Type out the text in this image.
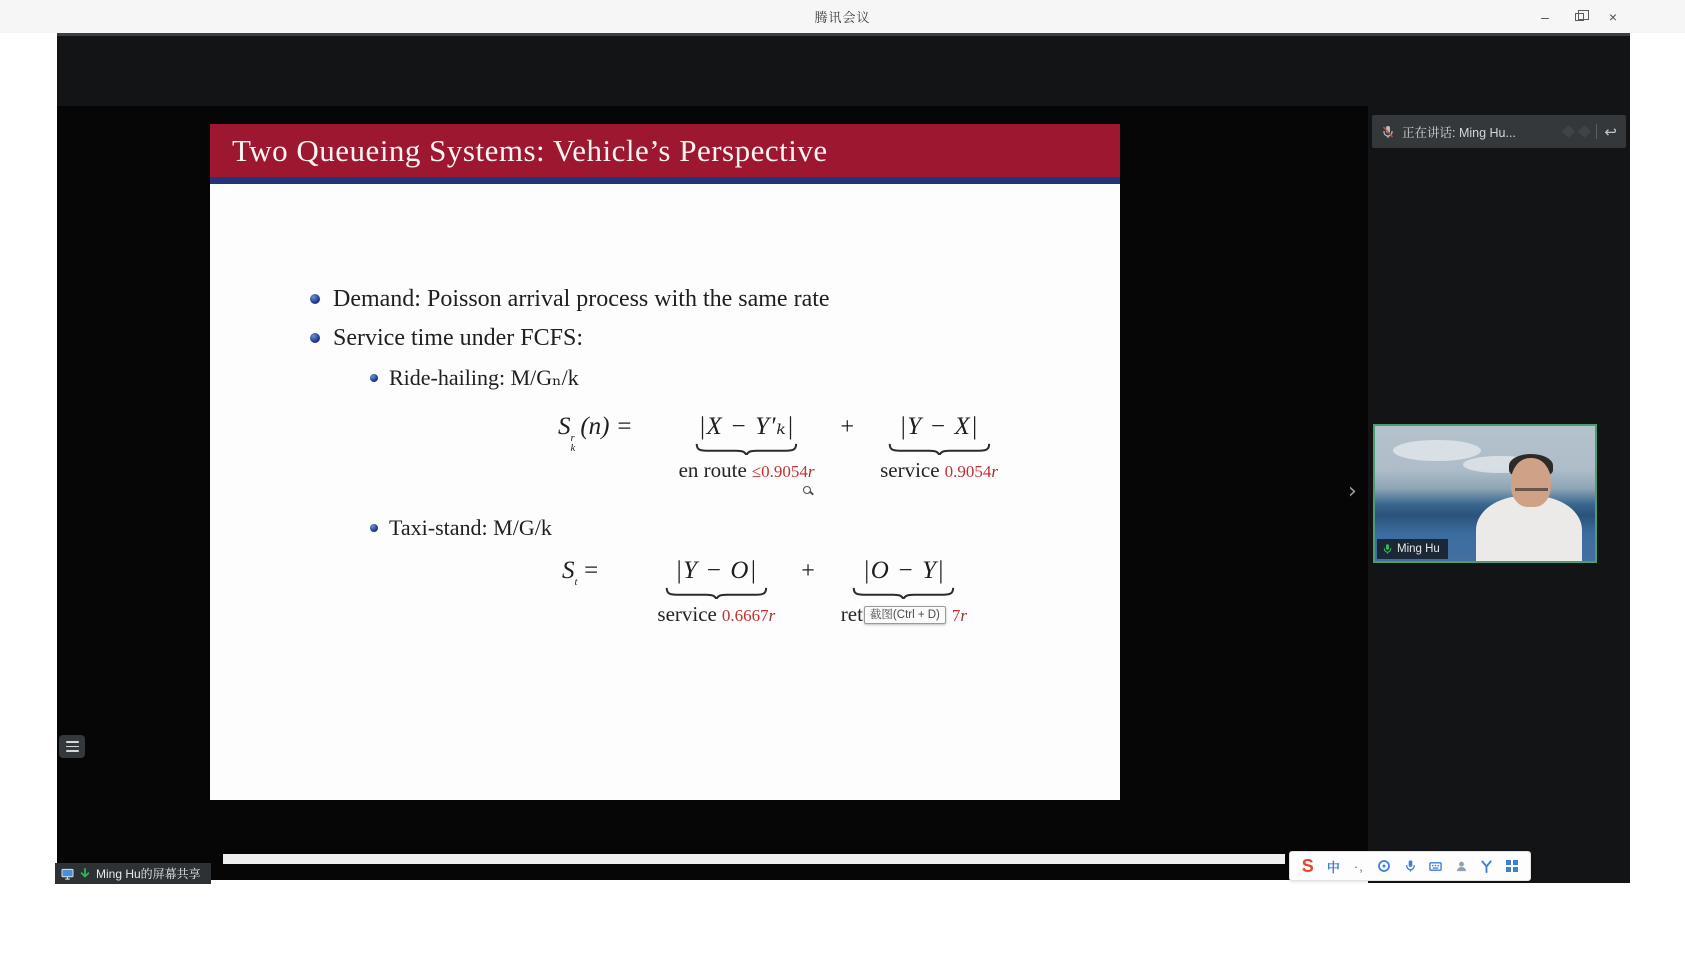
腾讯会议	–	×
Two Queueing Systems: Vehicle’s Perspective
Demand: Poisson arrival process with the same rate
Service time under FCFS:
Ride-hailing: M/Gₙ/k
S r
k
(n) =	|X − Y′ₖ|
en route ≤0.9054r
+ |Y − X|
service 0.9054r
Taxi-stand: M/G/k
S t =	|Y − O|
service 0.6667r
+ |O − Y|
ret 截图(Ctrl + D) 7r
›
正在讲话: Ming Hu...	↩
Ming Hu
Ming Hu的屏幕共享	S 中 ·,
